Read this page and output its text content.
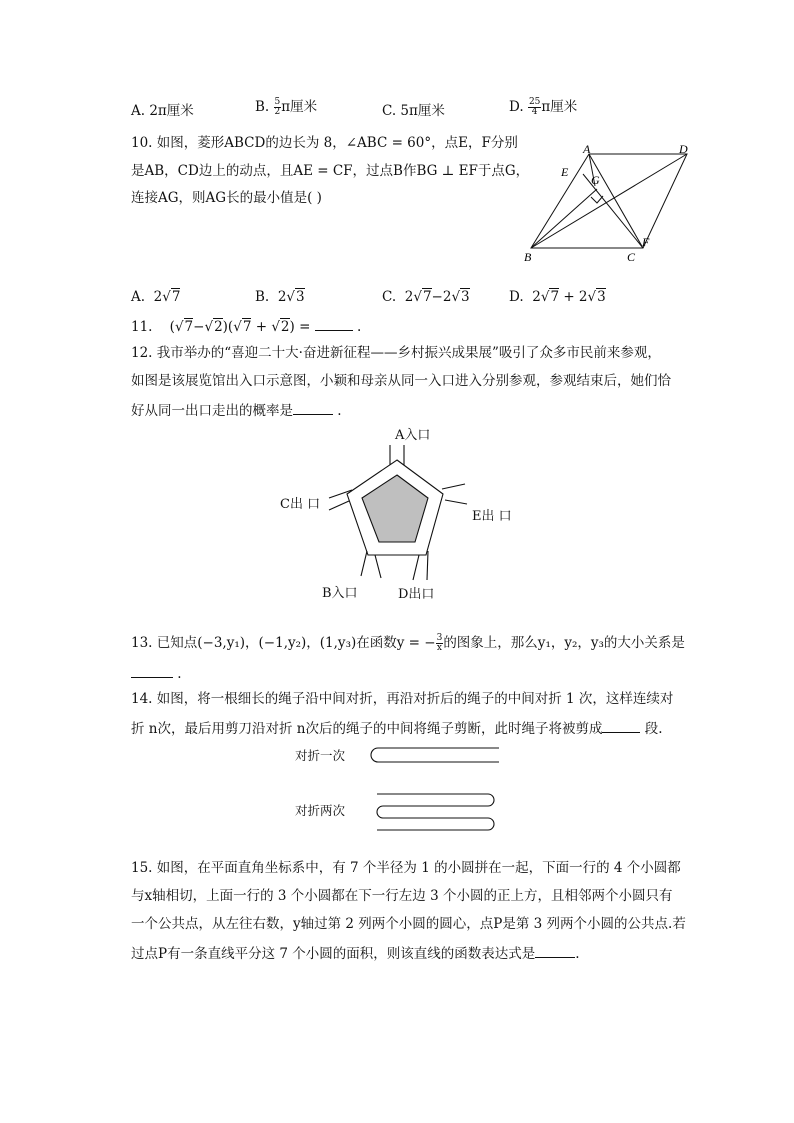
A. 2π厘米	B. $\frac{5}{2}$ π厘米	C. 5π厘米	D. $\frac{25}{4}$ π厘米
10. 如图，菱形ABCD的边长为 8，∠ABC = 60°，点E，F分别
是AB，CD边上的动点，且AE = CF，过点B作BG ⊥ EF于点G，
连接AG，则AG长的最小值是( )
A	D
E
G
B	C
F
A. 2√7	B. 2√3	C. 2√7−2√3	D. 2√7 + 2√3
11. (√7−√2)(√7 + √2) =	.
12. 我市举办的“喜迎二十大·奋进新征程——乡村振兴成果展”吸引了众多市民前来参观，
如图是该展览馆出入口示意图，小颖和母亲从同一入口进入分别参观，参观结束后，她们恰
好从同一出口走出的概率是	.
A入口
C出 口
E出 口
B入口	D出口
13. 已知点(−3,y₁)，(−1,y₂)，(1,y₃)在函数y = − $\frac{3}{x}$ 的图象上，那么y₁，y₂，y₃的大小关系是
.
14. 如图，将一根细长的绳子沿中间对折，再沿对折后的绳子的中间对折 1 次，这样连续对
折 n次，最后用剪刀沿对折 n次后的绳子的中间将绳子剪断，此时绳子将被剪成	段.
对折一次
对折两次
15. 如图，在平面直角坐标系中，有 7 个半径为 1 的小圆拼在一起，下面一行的 4 个小圆都
与x轴相切，上面一行的 3 个小圆都在下一行左边 3 个小圆的正上方，且相邻两个小圆只有
一个公共点，从左往右数，y轴过第 2 列两个小圆的圆心，点P是第 3 列两个小圆的公共点.若
过点P有一条直线平分这 7 个小圆的面积，则该直线的函数表达式是	.
